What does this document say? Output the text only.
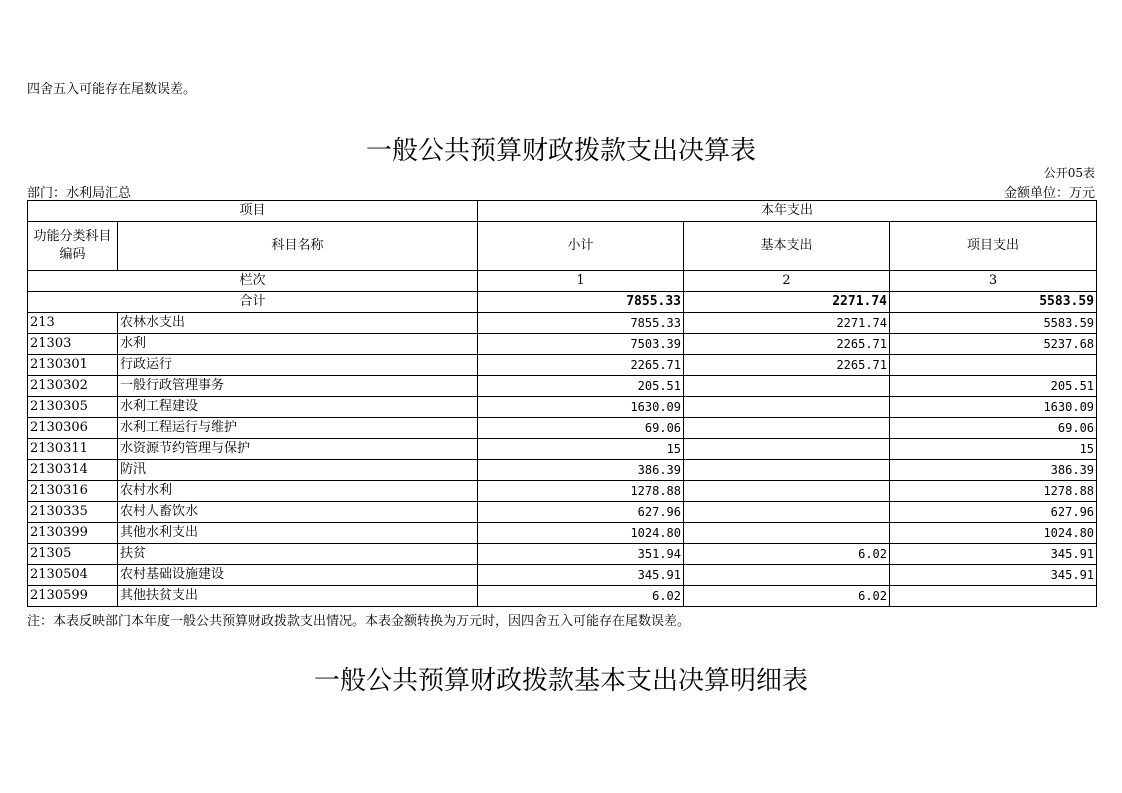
四舍五入可能存在尾数误差。
一般公共预算财政拨款支出决算表
公开05表
部门：水利局汇总	金额单位：万元
项目		本年支出		
功能分类科目编码	科目名称	小计	基本支出	项目支出
栏次		1	2	3
合计		7855.33	2271.74	5583.59
213	农林水支出	7855.33	2271.74	5583.59
21303	水利	7503.39	2265.71	5237.68
2130301	行政运行	2265.71	2265.71	
2130302	一般行政管理事务	205.51		205.51
2130305	水利工程建设	1630.09		1630.09
2130306	水利工程运行与维护	69.06		69.06
2130311	水资源节约管理与保护	15		15
2130314	防汛	386.39		386.39
2130316	农村水利	1278.88		1278.88
2130335	农村人畜饮水	627.96		627.96
2130399	其他水利支出	1024.80		1024.80
21305	扶贫	351.94	6.02	345.91
2130504	农村基础设施建设	345.91		345.91
2130599	其他扶贫支出	6.02	6.02	
注：本表反映部门本年度一般公共预算财政拨款支出情况。本表金额转换为万元时，因四舍五入可能存在尾数误差。
一般公共预算财政拨款基本支出决算明细表
